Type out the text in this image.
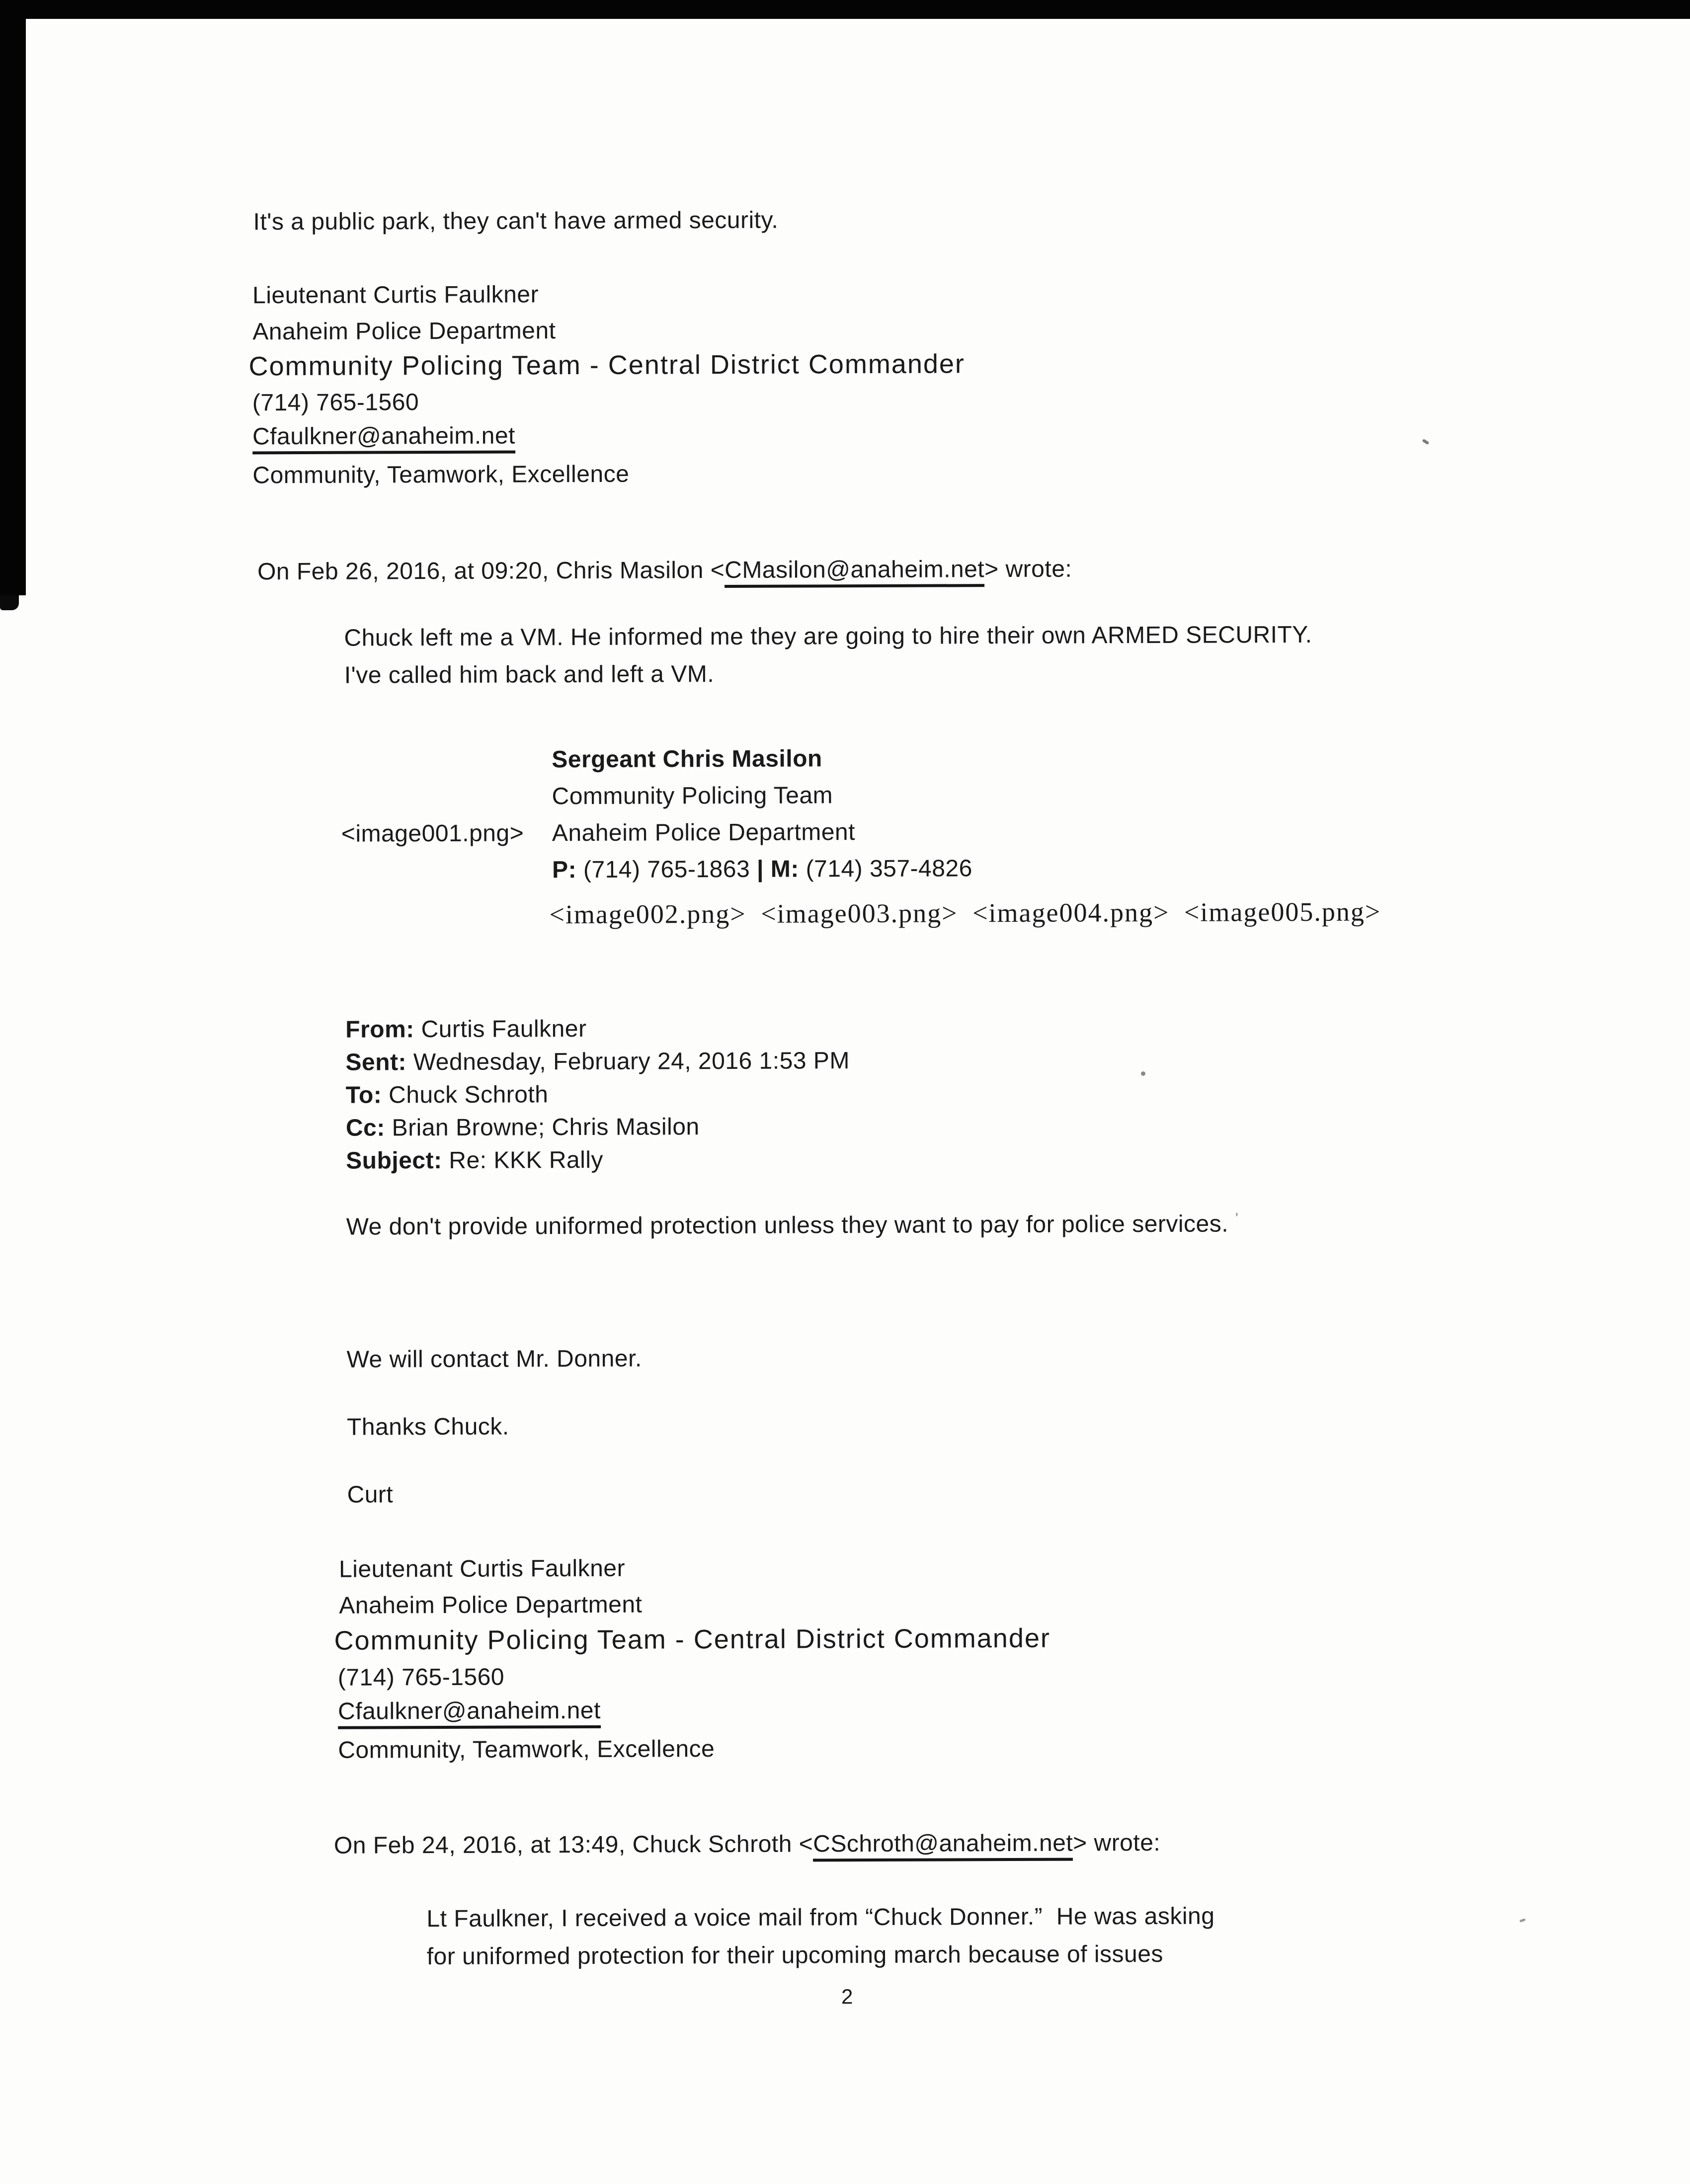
It's a public park, they can't have armed security.
Lieutenant Curtis Faulkner
Anaheim Police Department
Community Policing Team - Central District Commander
(714) 765-1560
Cfaulkner@anaheim.net
Community, Teamwork, Excellence
On Feb 26, 2016, at 09:20, Chris Masilon <CMasilon@anaheim.net> wrote:
Chuck left me a VM. He informed me they are going to hire their own ARMED SECURITY.
I've called him back and left a VM.
Sergeant Chris Masilon
Community Policing Team
<image001.png> Anaheim Police Department
P: (714) 765-1863 | M: (714) 357-4826
<image002.png> <image003.png> <image004.png> <image005.png>
From: Curtis Faulkner
Sent: Wednesday, February 24, 2016 1:53 PM
To: Chuck Schroth
Cc: Brian Browne; Chris Masilon
Subject: Re: KKK Rally
We don't provide uniformed protection unless they want to pay for police services. '
We will contact Mr. Donner.
Thanks Chuck.
Curt
Lieutenant Curtis Faulkner
Anaheim Police Department
Community Policing Team - Central District Commander
(714) 765-1560
Cfaulkner@anaheim.net
Community, Teamwork, Excellence
On Feb 24, 2016, at 13:49, Chuck Schroth <CSchroth@anaheim.net> wrote:
Lt Faulkner, I received a voice mail from “Chuck Donner.”  He was asking
for uniformed protection for their upcoming march because of issues
2
